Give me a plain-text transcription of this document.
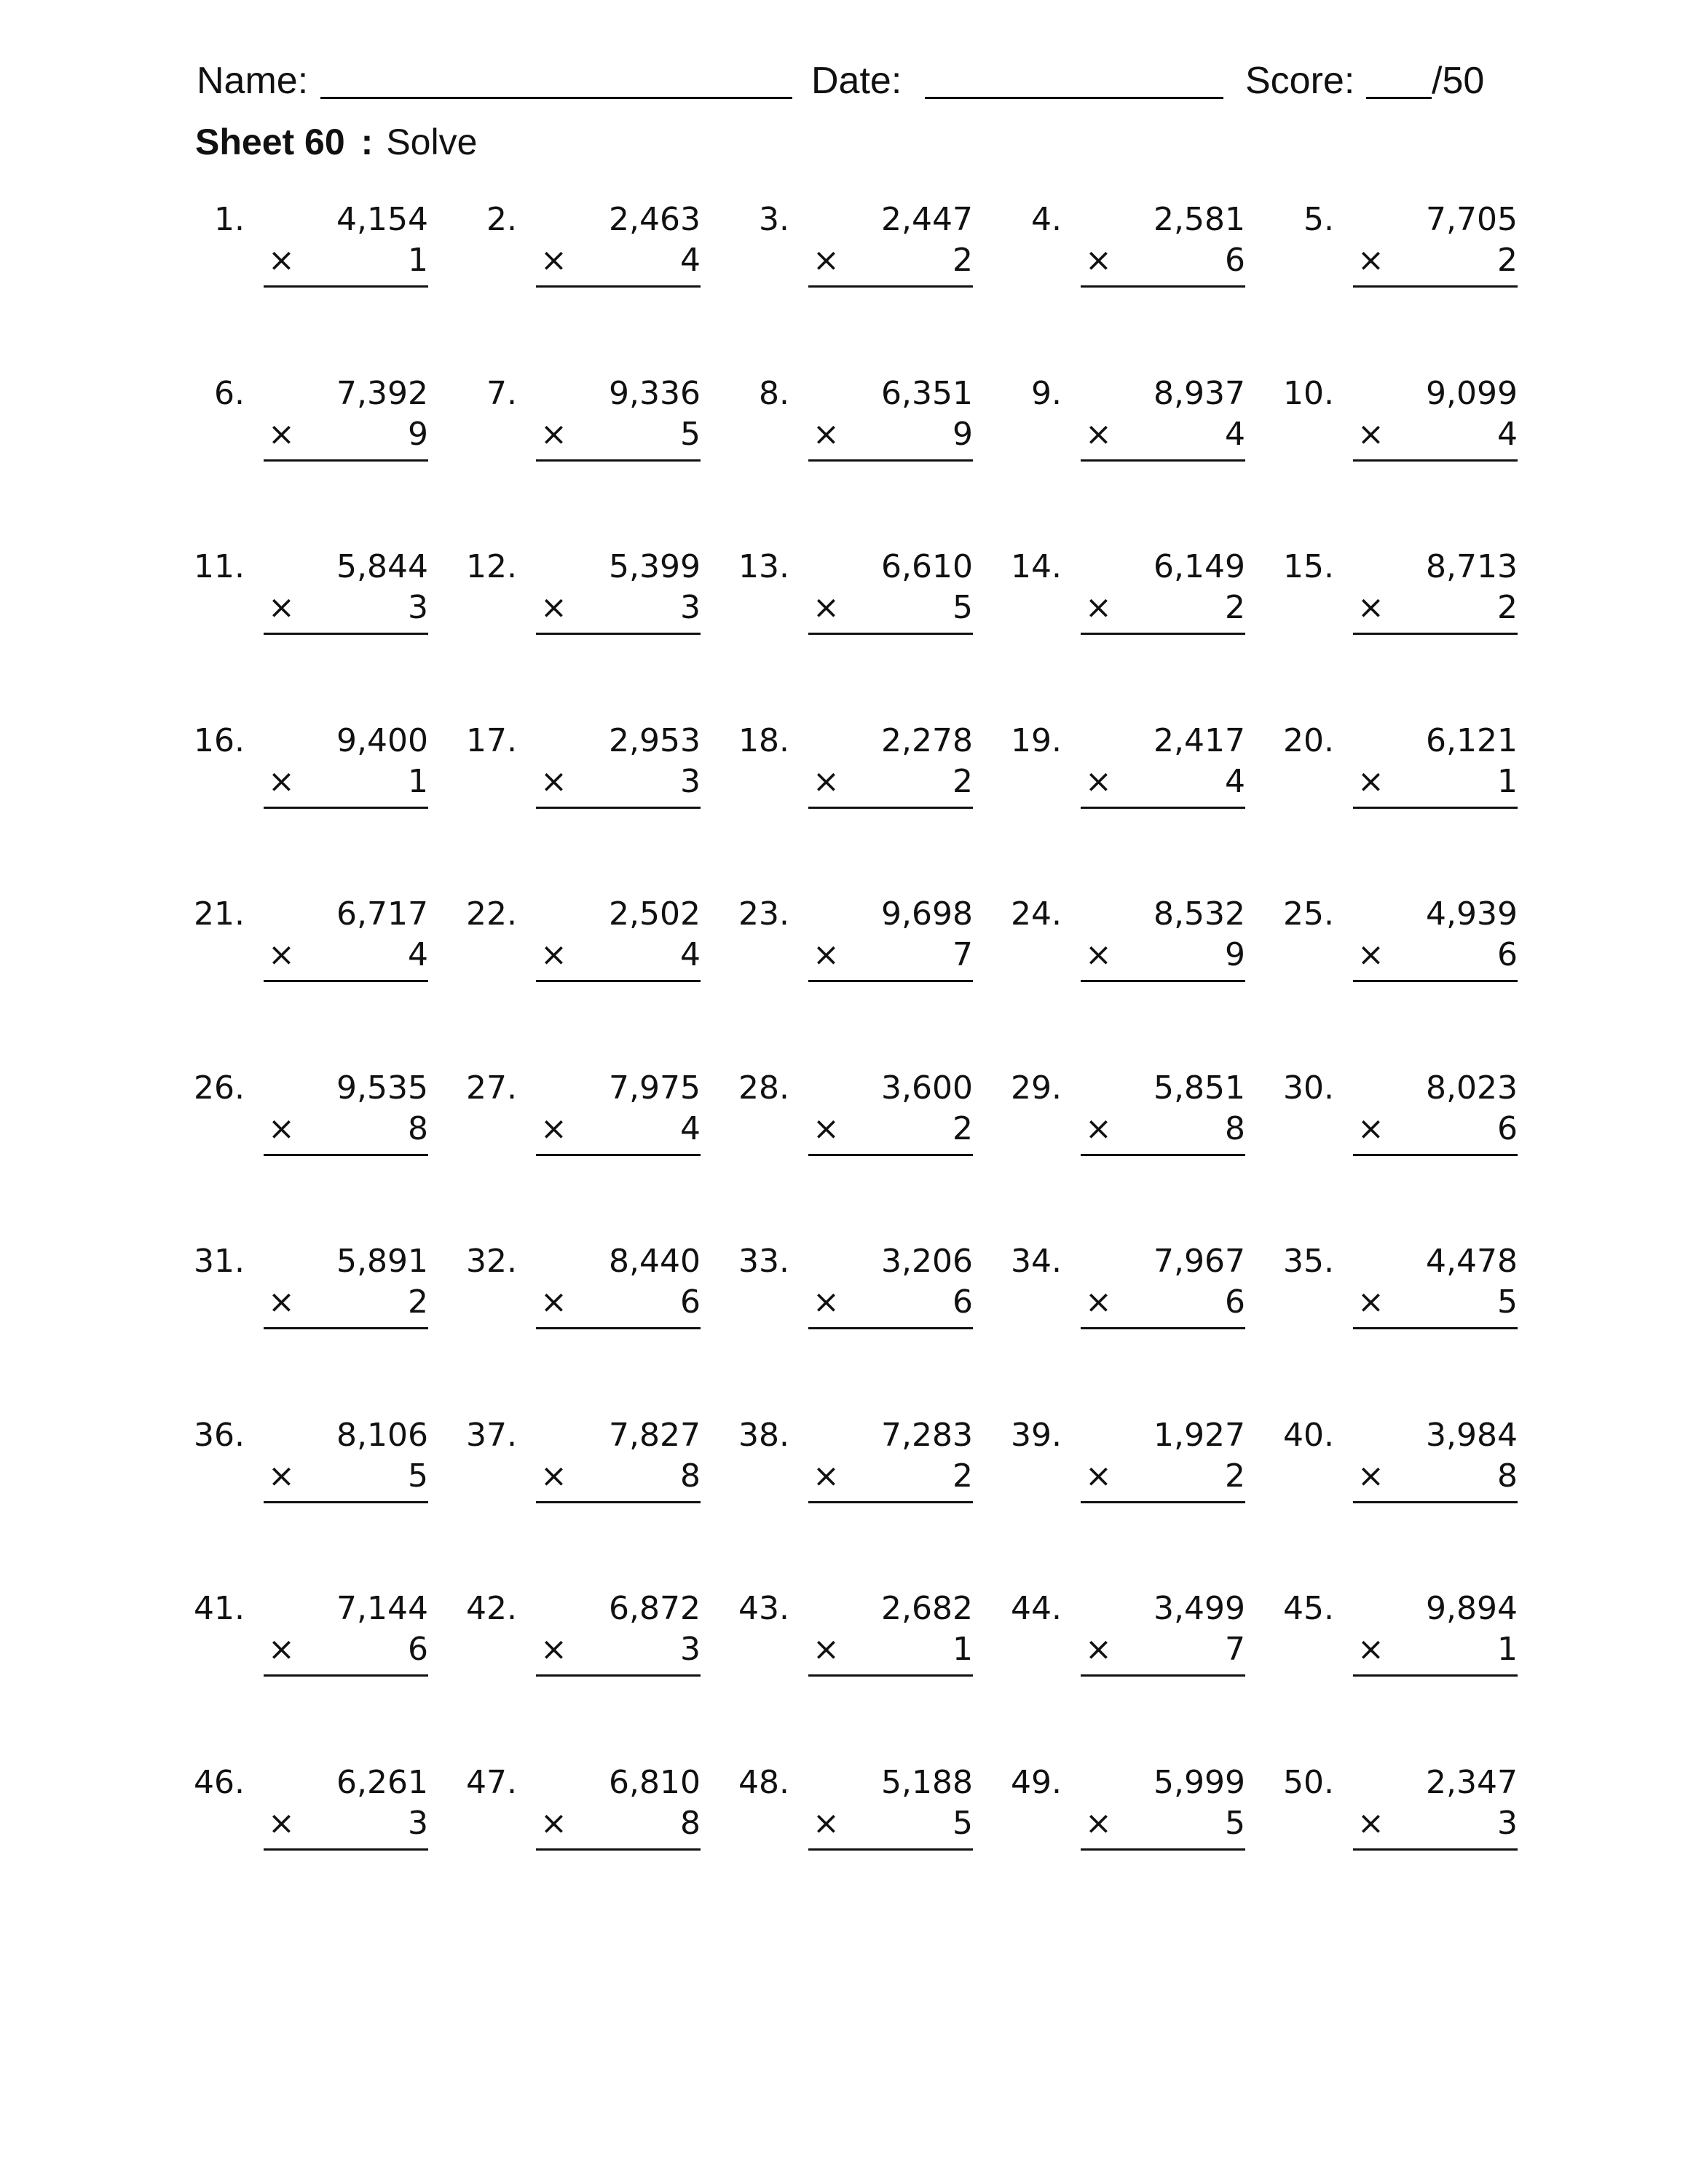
Name:	Date:	Score: /50
Sheet 60 : Solve
1.	4,154
×	1
2.	2,463
×	4
3.	2,447
×	2
4.	2,581
×	6
5.	7,705
×	2
6.	7,392
×	9
7.	9,336
×	5
8.	6,351
×	9
9.	8,937
×	4
10.	9,099
×	4
11.	5,844
×	3
12.	5,399
×	3
13.	6,610
×	5
14.	6,149
×	2
15.	8,713
×	2
16.	9,400
×	1
17.	2,953
×	3
18.	2,278
×	2
19.	2,417
×	4
20.	6,121
×	1
21.	6,717
×	4
22.	2,502
×	4
23.	9,698
×	7
24.	8,532
×	9
25.	4,939
×	6
26.	9,535
×	8
27.	7,975
×	4
28.	3,600
×	2
29.	5,851
×	8
30.	8,023
×	6
31.	5,891
×	2
32.	8,440
×	6
33.	3,206
×	6
34.	7,967
×	6
35.	4,478
×	5
36.	8,106
×	5
37.	7,827
×	8
38.	7,283
×	2
39.	1,927
×	2
40.	3,984
×	8
41.	7,144
×	6
42.	6,872
×	3
43.	2,682
×	1
44.	3,499
×	7
45.	9,894
×	1
46.	6,261
×	3
47.	6,810
×	8
48.	5,188
×	5
49.	5,999
×	5
50.	2,347
×	3
